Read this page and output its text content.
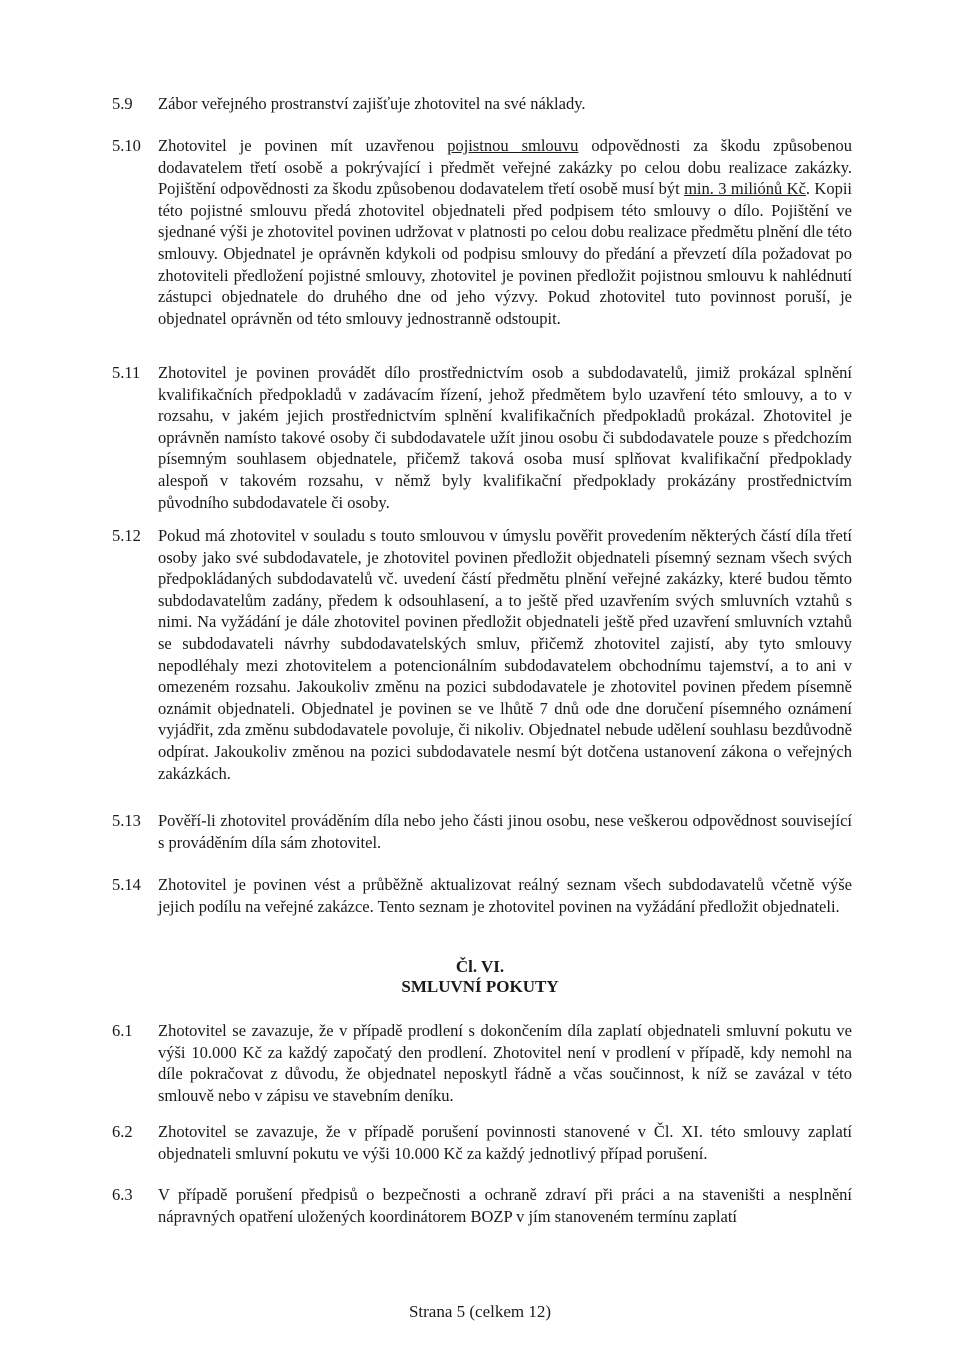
5.9	Zábor veřejného prostranství zajišťuje zhotovitel na své náklady.
5.10	Zhotovitel je povinen mít uzavřenou pojistnou smlouvu odpovědnosti za škodu způsobenou dodavatelem třetí osobě a pokrývající i předmět veřejné zakázky po celou dobu realizace zakázky. Pojištění odpovědnosti za škodu způsobenou dodavatelem třetí osobě musí být min. 3 miliónů Kč. Kopii této pojistné smlouvu předá zhotovitel objednateli před podpisem této smlouvy o dílo. Pojištění ve sjednané výši je zhotovitel povinen udržovat v platnosti po celou dobu realizace předmětu plnění dle této smlouvy. Objednatel je oprávněn kdykoli od podpisu smlouvy do předání a převzetí díla požadovat po zhotoviteli předložení pojistné smlouvy, zhotovitel je povinen předložit pojistnou smlouvu k nahlédnutí zástupci objednatele do druhého dne od jeho výzvy. Pokud zhotovitel tuto povinnost poruší, je objednatel oprávněn od této smlouvy jednostranně odstoupit.
5.11	Zhotovitel je povinen provádět dílo prostřednictvím osob a subdodavatelů, jimiž prokázal splnění kvalifikačních předpokladů v zadávacím řízení, jehož předmětem bylo uzavření této smlouvy, a to v rozsahu, v jakém jejich prostřednictvím splnění kvalifikačních předpokladů prokázal. Zhotovitel je oprávněn namísto takové osoby či subdodavatele užít jinou osobu či subdodavatele pouze s předchozím písemným souhlasem objednatele, přičemž taková osoba musí splňovat kvalifikační předpoklady alespoň v takovém rozsahu, v němž byly kvalifikační předpoklady prokázány prostřednictvím původního subdodavatele či osoby.
5.12	Pokud má zhotovitel v souladu s touto smlouvou v úmyslu pověřit provedením některých částí díla třetí osoby jako své subdodavatele, je zhotovitel povinen předložit objednateli písemný seznam všech svých předpokládaných subdodavatelů vč. uvedení částí předmětu plnění veřejné zakázky, které budou těmto subdodavatelům zadány, předem k odsouhlasení, a to ještě před uzavřením svých smluvních vztahů s nimi. Na vyžádání je dále zhotovitel povinen předložit objednateli ještě před uzavření smluvních vztahů se subdodavateli návrhy subdodavatelských smluv, přičemž zhotovitel zajistí, aby tyto smlouvy nepodléhaly mezi zhotovitelem a potencionálním subdodavatelem obchodnímu tajemství, a to ani v omezeném rozsahu. Jakoukoliv změnu na pozici subdodavatele je zhotovitel povinen předem písemně oznámit objednateli. Objednatel je povinen se ve lhůtě 7 dnů ode dne doručení písemného oznámení vyjádřit, zda změnu subdodavatele povoluje, či nikoliv. Objednatel nebude udělení souhlasu bezdůvodně odpírat. Jakoukoliv změnou na pozici subdodavatele nesmí být dotčena ustanovení zákona o veřejných zakázkách.
5.13	Pověří-li zhotovitel prováděním díla nebo jeho části jinou osobu, nese veškerou odpovědnost související s prováděním díla sám zhotovitel.
5.14	Zhotovitel je povinen vést a průběžně aktualizovat reálný seznam všech subdodavatelů včetně výše jejich podílu na veřejné zakázce. Tento seznam je zhotovitel povinen na vyžádání předložit objednateli.
Čl. VI.
SMLUVNÍ POKUTY
6.1	Zhotovitel se zavazuje, že v případě prodlení s dokončením díla zaplatí objednateli smluvní pokutu ve výši 10.000 Kč za každý započatý den prodlení. Zhotovitel není v prodlení v případě, kdy nemohl na díle pokračovat z důvodu, že objednatel neposkytl řádně a včas součinnost, k níž se zavázal v této smlouvě nebo v zápisu ve stavebním deníku.
6.2	Zhotovitel se zavazuje, že v případě porušení povinnosti stanovené v Čl. XI. této smlouvy zaplatí objednateli smluvní pokutu ve výši 10.000 Kč za každý jednotlivý případ porušení.
6.3	V případě porušení předpisů o bezpečnosti a ochraně zdraví při práci a na staveništi a nesplnění nápravných opatření uložených koordinátorem BOZP v jím stanoveném termínu zaplatí
Strana 5 (celkem 12)
